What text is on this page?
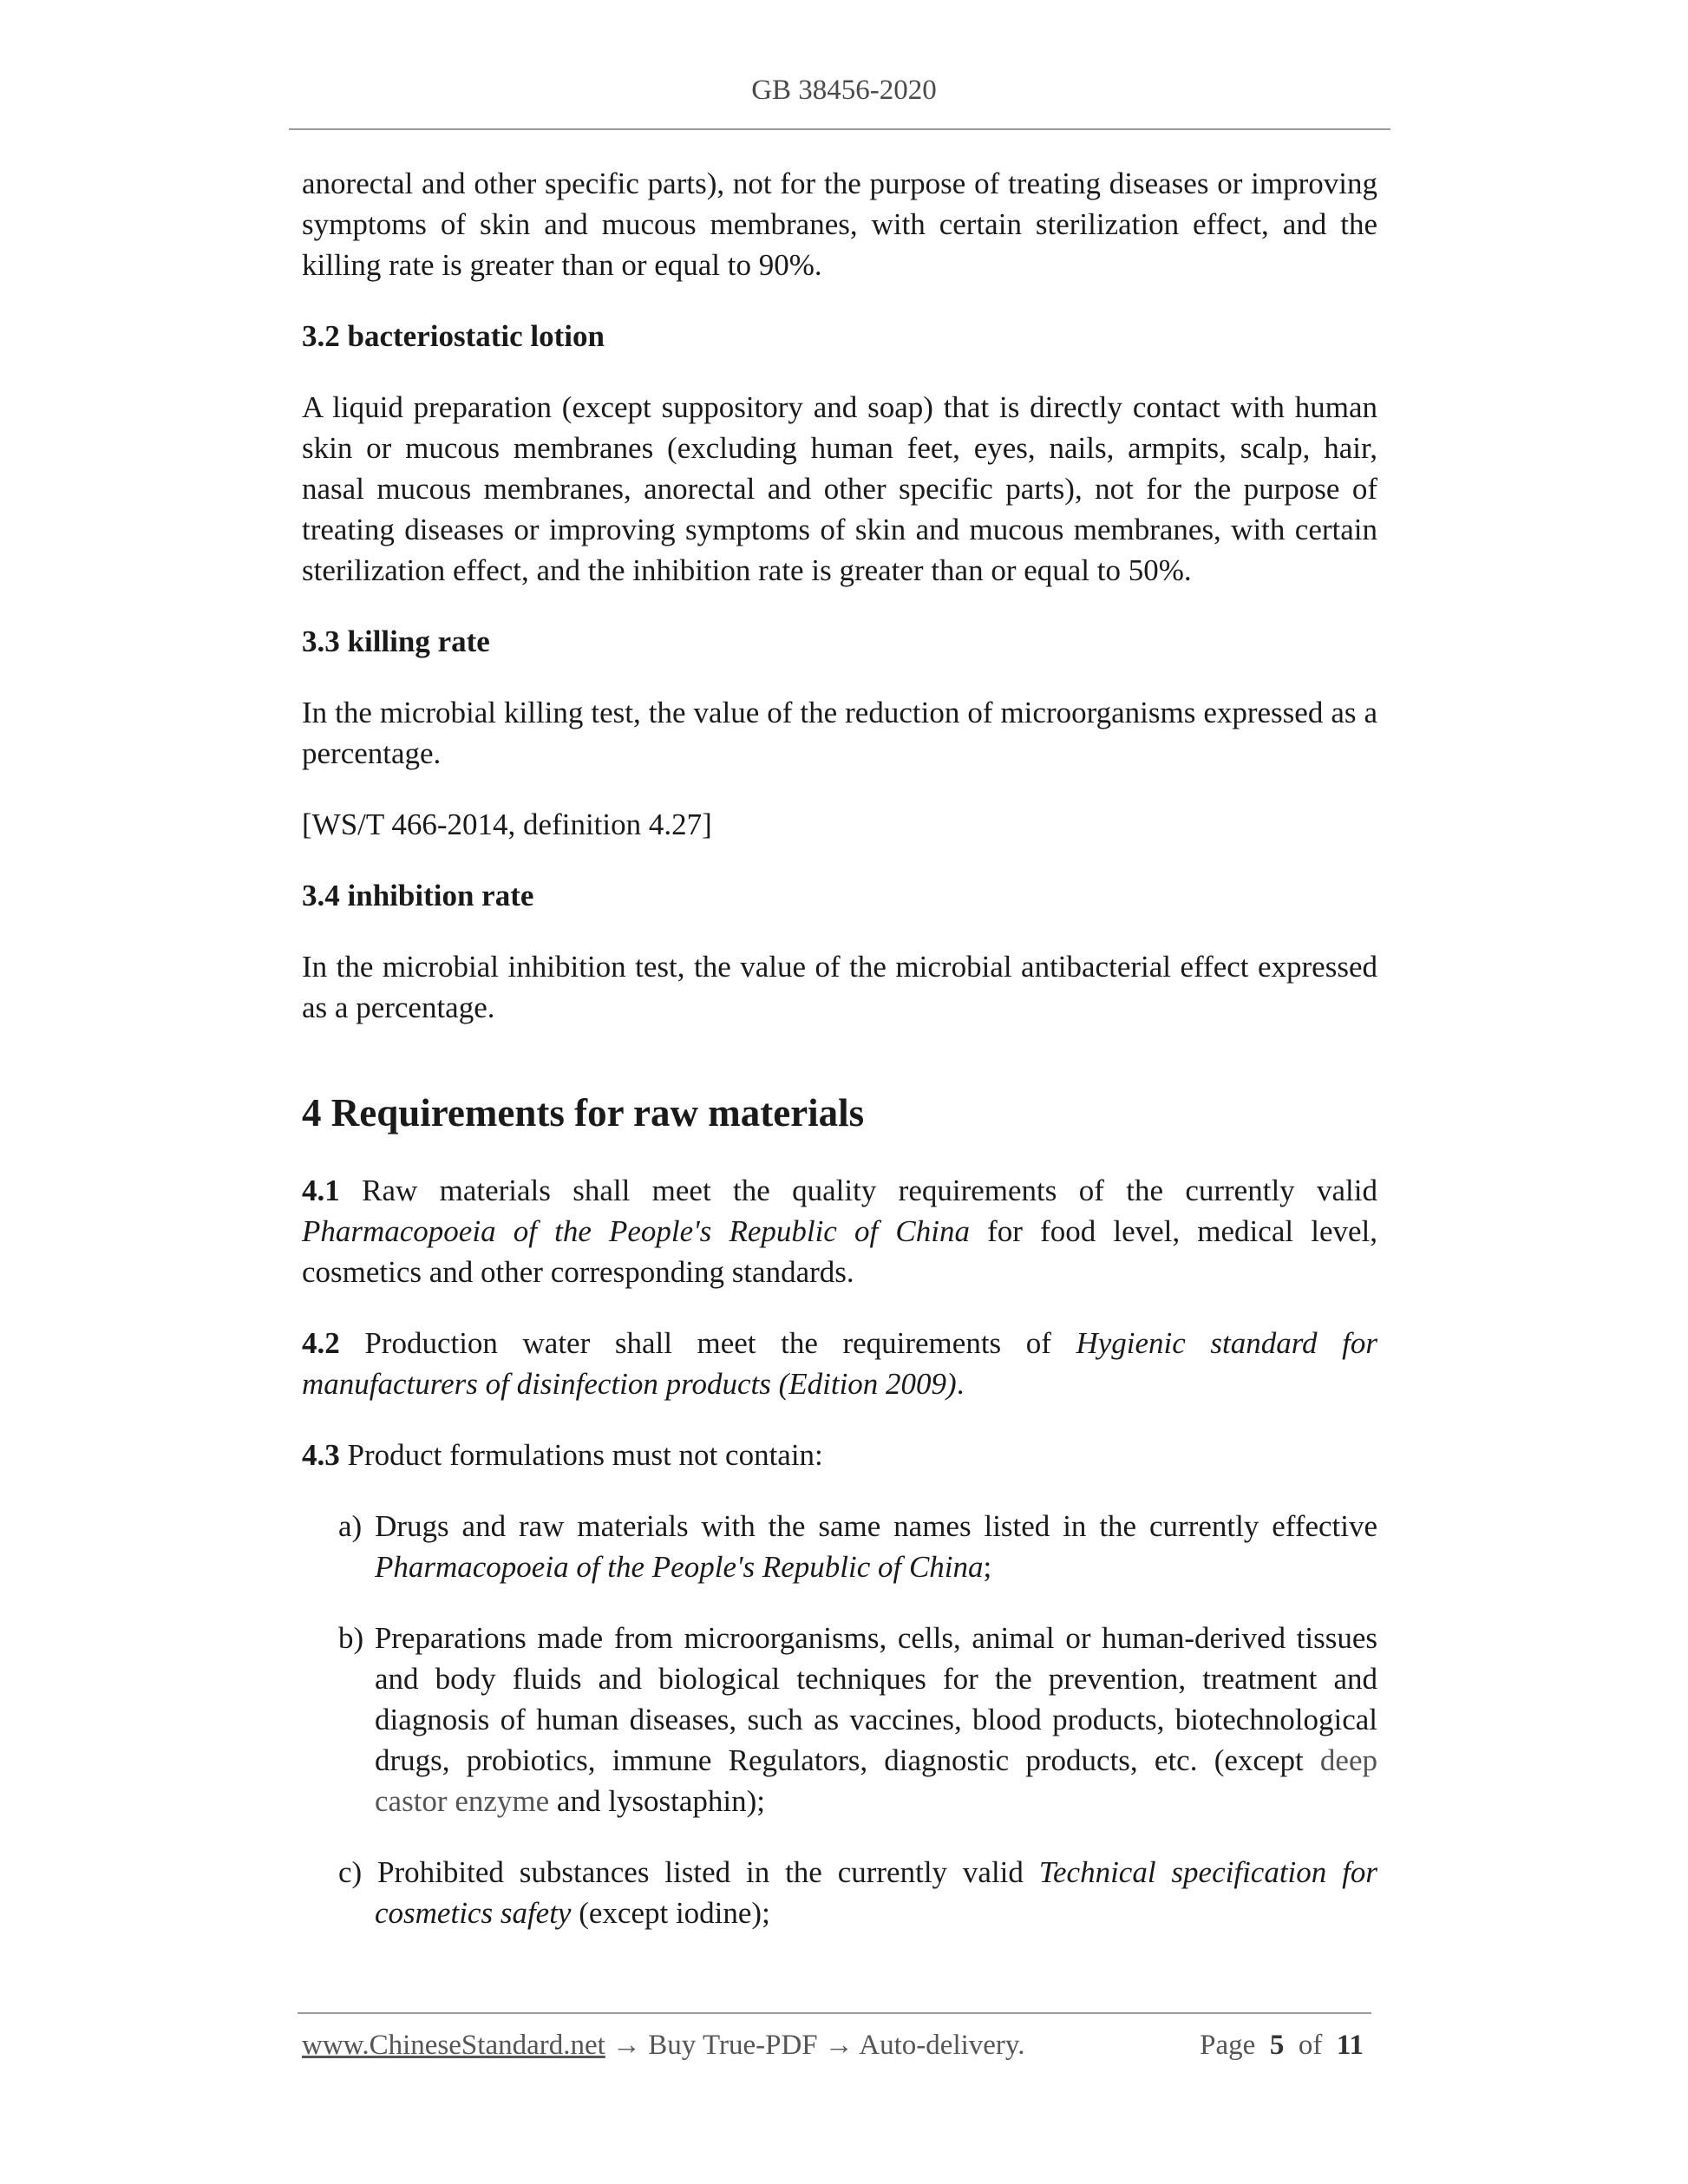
GB 38456-2020

anorectal and other specific parts), not for the purpose of treating diseases or improving symptoms of skin and mucous membranes, with certain sterilization effect, and the killing rate is greater than or equal to 90%.

3.2 bacteriostatic lotion

A liquid preparation (except suppository and soap) that is directly contact with human skin or mucous membranes (excluding human feet, eyes, nails, armpits, scalp, hair, nasal mucous membranes, anorectal and other specific parts), not for the purpose of treating diseases or improving symptoms of skin and mucous membranes, with certain sterilization effect, and the inhibition rate is greater than or equal to 50%.

3.3 killing rate

In the microbial killing test, the value of the reduction of microorganisms expressed as a percentage.

[WS/T 466-2014, definition 4.27]

3.4 inhibition rate

In the microbial inhibition test, the value of the microbial antibacterial effect expressed as a percentage.

4 Requirements for raw materials

4.1 Raw materials shall meet the quality requirements of the currently valid Pharmacopoeia of the People's Republic of China for food level, medical level, cosmetics and other corresponding standards.

4.2 Production water shall meet the requirements of Hygienic standard for manufacturers of disinfection products (Edition 2009).

4.3 Product formulations must not contain:

a) Drugs and raw materials with the same names listed in the currently effective Pharmacopoeia of the People's Republic of China;

b) Preparations made from microorganisms, cells, animal or human-derived tissues and body fluids and biological techniques for the prevention, treatment and diagnosis of human diseases, such as vaccines, blood products, biotechnological drugs, probiotics, immune Regulators, diagnostic products, etc. (except deep castor enzyme and lysostaphin);

c) Prohibited substances listed in the currently valid Technical specification for cosmetics safety (except iodine);

www.ChineseStandard.net → Buy True-PDF → Auto-delivery.	Page 5 of 11
